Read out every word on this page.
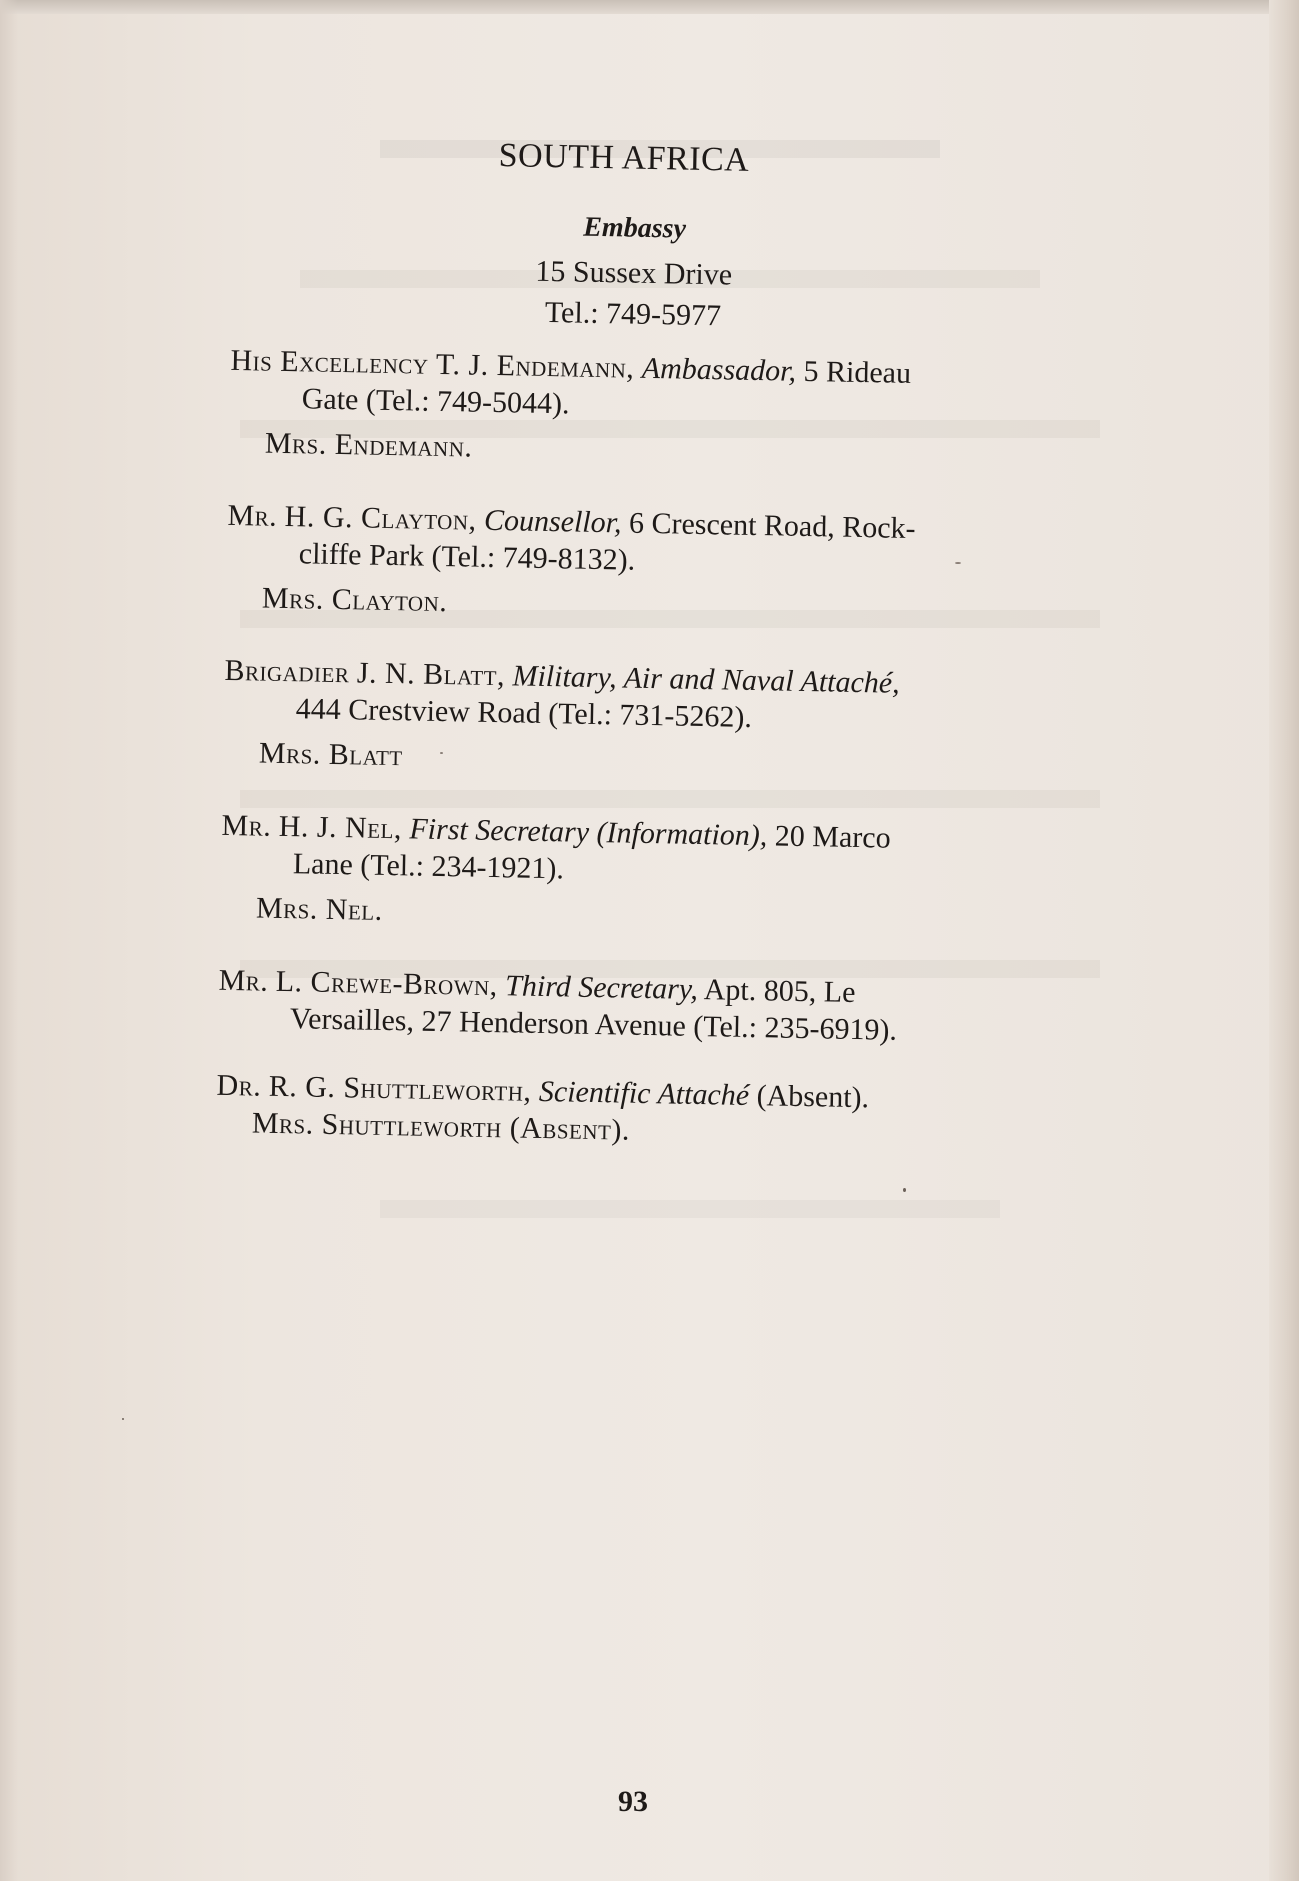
SOUTH AFRICA

Embassy

15 Sussex Drive

Tel.: 749-5977

His Excellency T. J. Endemann, Ambassador, 5 Rideau

Gate (Tel.: 749-5044).

Mrs. Endemann.

Mr. H. G. Clayton, Counsellor, 6 Crescent Road, Rock-

cliffe Park (Tel.: 749-8132).

Mrs. Clayton.

Brigadier J. N. Blatt, Military, Air and Naval Attaché,

444 Crestview Road (Tel.: 731-5262).

Mrs. Blatt

Mr. H. J. Nel, First Secretary (Information), 20 Marco

Lane (Tel.: 234-1921).

Mrs. Nel.

Mr. L. Crewe-Brown, Third Secretary, Apt. 805, Le

Versailles, 27 Henderson Avenue (Tel.: 235-6919).

Dr. R. G. Shuttleworth, Scientific Attaché (Absent).

Mrs. Shuttleworth (Absent).

93
